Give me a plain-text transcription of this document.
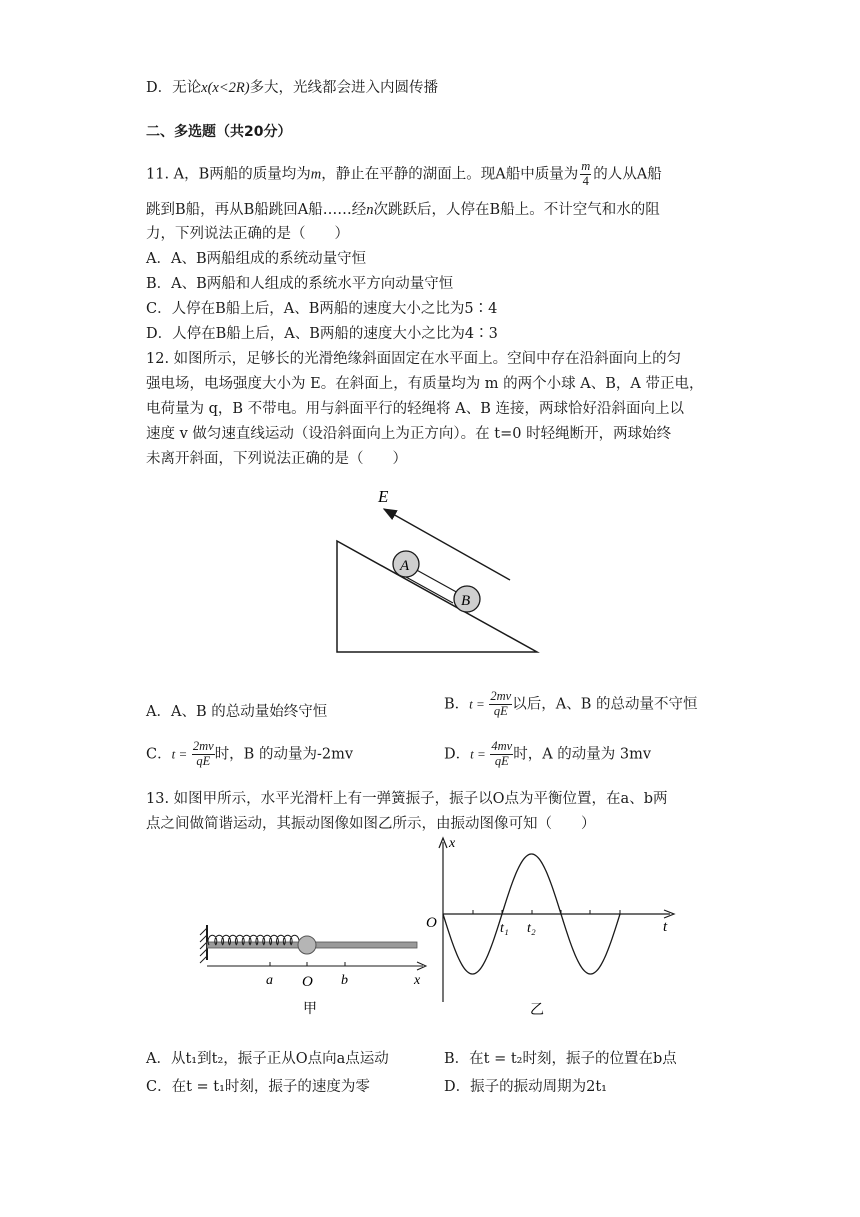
D．无论x(x<2R)多大，光线都会进入内圆传播
二、多选题（共20分）
11. A，B两船的质量均为m，静止在平静的湖面上。现A船中质量为 $\frac{m}{4}$ 的人从A船
跳到B船，再从B船跳回A船……经n次跳跃后，人停在B船上。不计空气和水的阻
力，下列说法正确的是（　　）
A．A、B两船组成的系统动量守恒
B．A、B两船和人组成的系统水平方向动量守恒
C．人停在B船上后，A、B两船的速度大小之比为5∶4
D．人停在B船上后，A、B两船的速度大小之比为4∶3
12. 如图所示，足够长的光滑绝缘斜面固定在水平面上。空间中存在沿斜面向上的匀
强电场，电场强度大小为 E。在斜面上，有质量均为 m 的两个小球 A、B，A 带正电，
电荷量为 q，B 不带电。用与斜面平行的轻绳将 A、B 连接，两球恰好沿斜面向上以
速度 v 做匀速直线运动（设沿斜面向上为正方向）。在 t=0 时轻绳断开，两球始终
未离开斜面，下列说法正确的是（　　）
E
A
B
A．A、B 的总动量始终守恒	B．$t = \frac{2mv}{qE}$ 以后，A、B 的总动量不守恒
C．$t = \frac{2mv}{qE}$ 时，B 的动量为-2mv	D．$t = \frac{4mv}{qE}$ 时，A 的动量为 3mv
13. 如图甲所示，水平光滑杆上有一弹簧振子，振子以O点为平衡位置，在a、b两
点之间做简谐运动，其振动图像如图乙所示，由振动图像可知（　　）
a O b	x
甲
x
O	t
t₁ t₂
乙
A．从t₁到t₂，振子正从O点向a点运动	B．在t = t₂时刻，振子的位置在b点
C．在t = t₁时刻，振子的速度为零	D．振子的振动周期为2t₁
